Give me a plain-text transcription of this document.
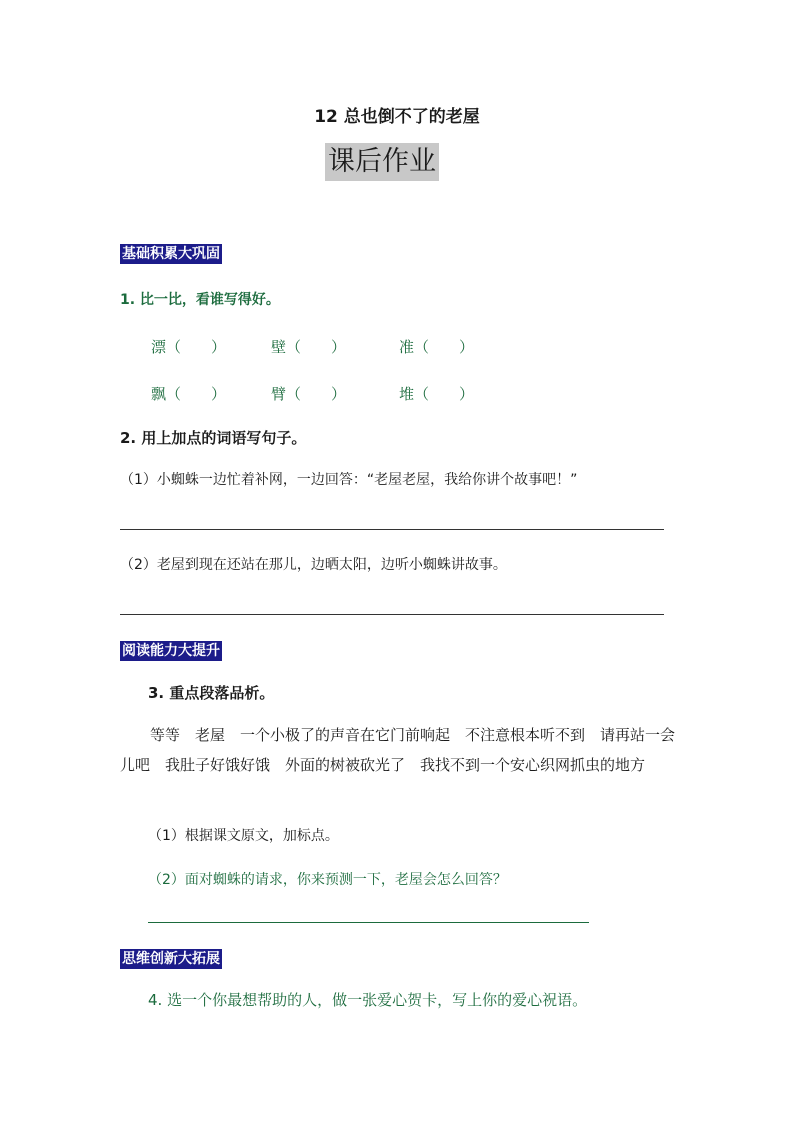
12 总也倒不了的老屋
课后作业
基础积累大巩固
1. 比一比，看谁写得好。
漂（　　）	壁（　　）	准（　　）
飘（　　）	臂（　　）	堆（　　）
2. 用上加点的词语写句子。
（1）小蜘蛛一边忙着补网，一边回答：“老屋老屋，我给你讲个故事吧！”
（2）老屋到现在还站在那儿，边晒太阳，边听小蜘蛛讲故事。
阅读能力大提升
3. 重点段落品析。
等等　老屋　一个小极了的声音在它门前响起　不注意根本听不到　请再站一会儿吧　我肚子好饿好饿　外面的树被砍光了　我找不到一个安心织网抓虫的地方
（1）根据课文原文，加标点。
（2）面对蜘蛛的请求，你来预测一下，老屋会怎么回答？
思维创新大拓展
4. 选一个你最想帮助的人，做一张爱心贺卡，写上你的爱心祝语。
